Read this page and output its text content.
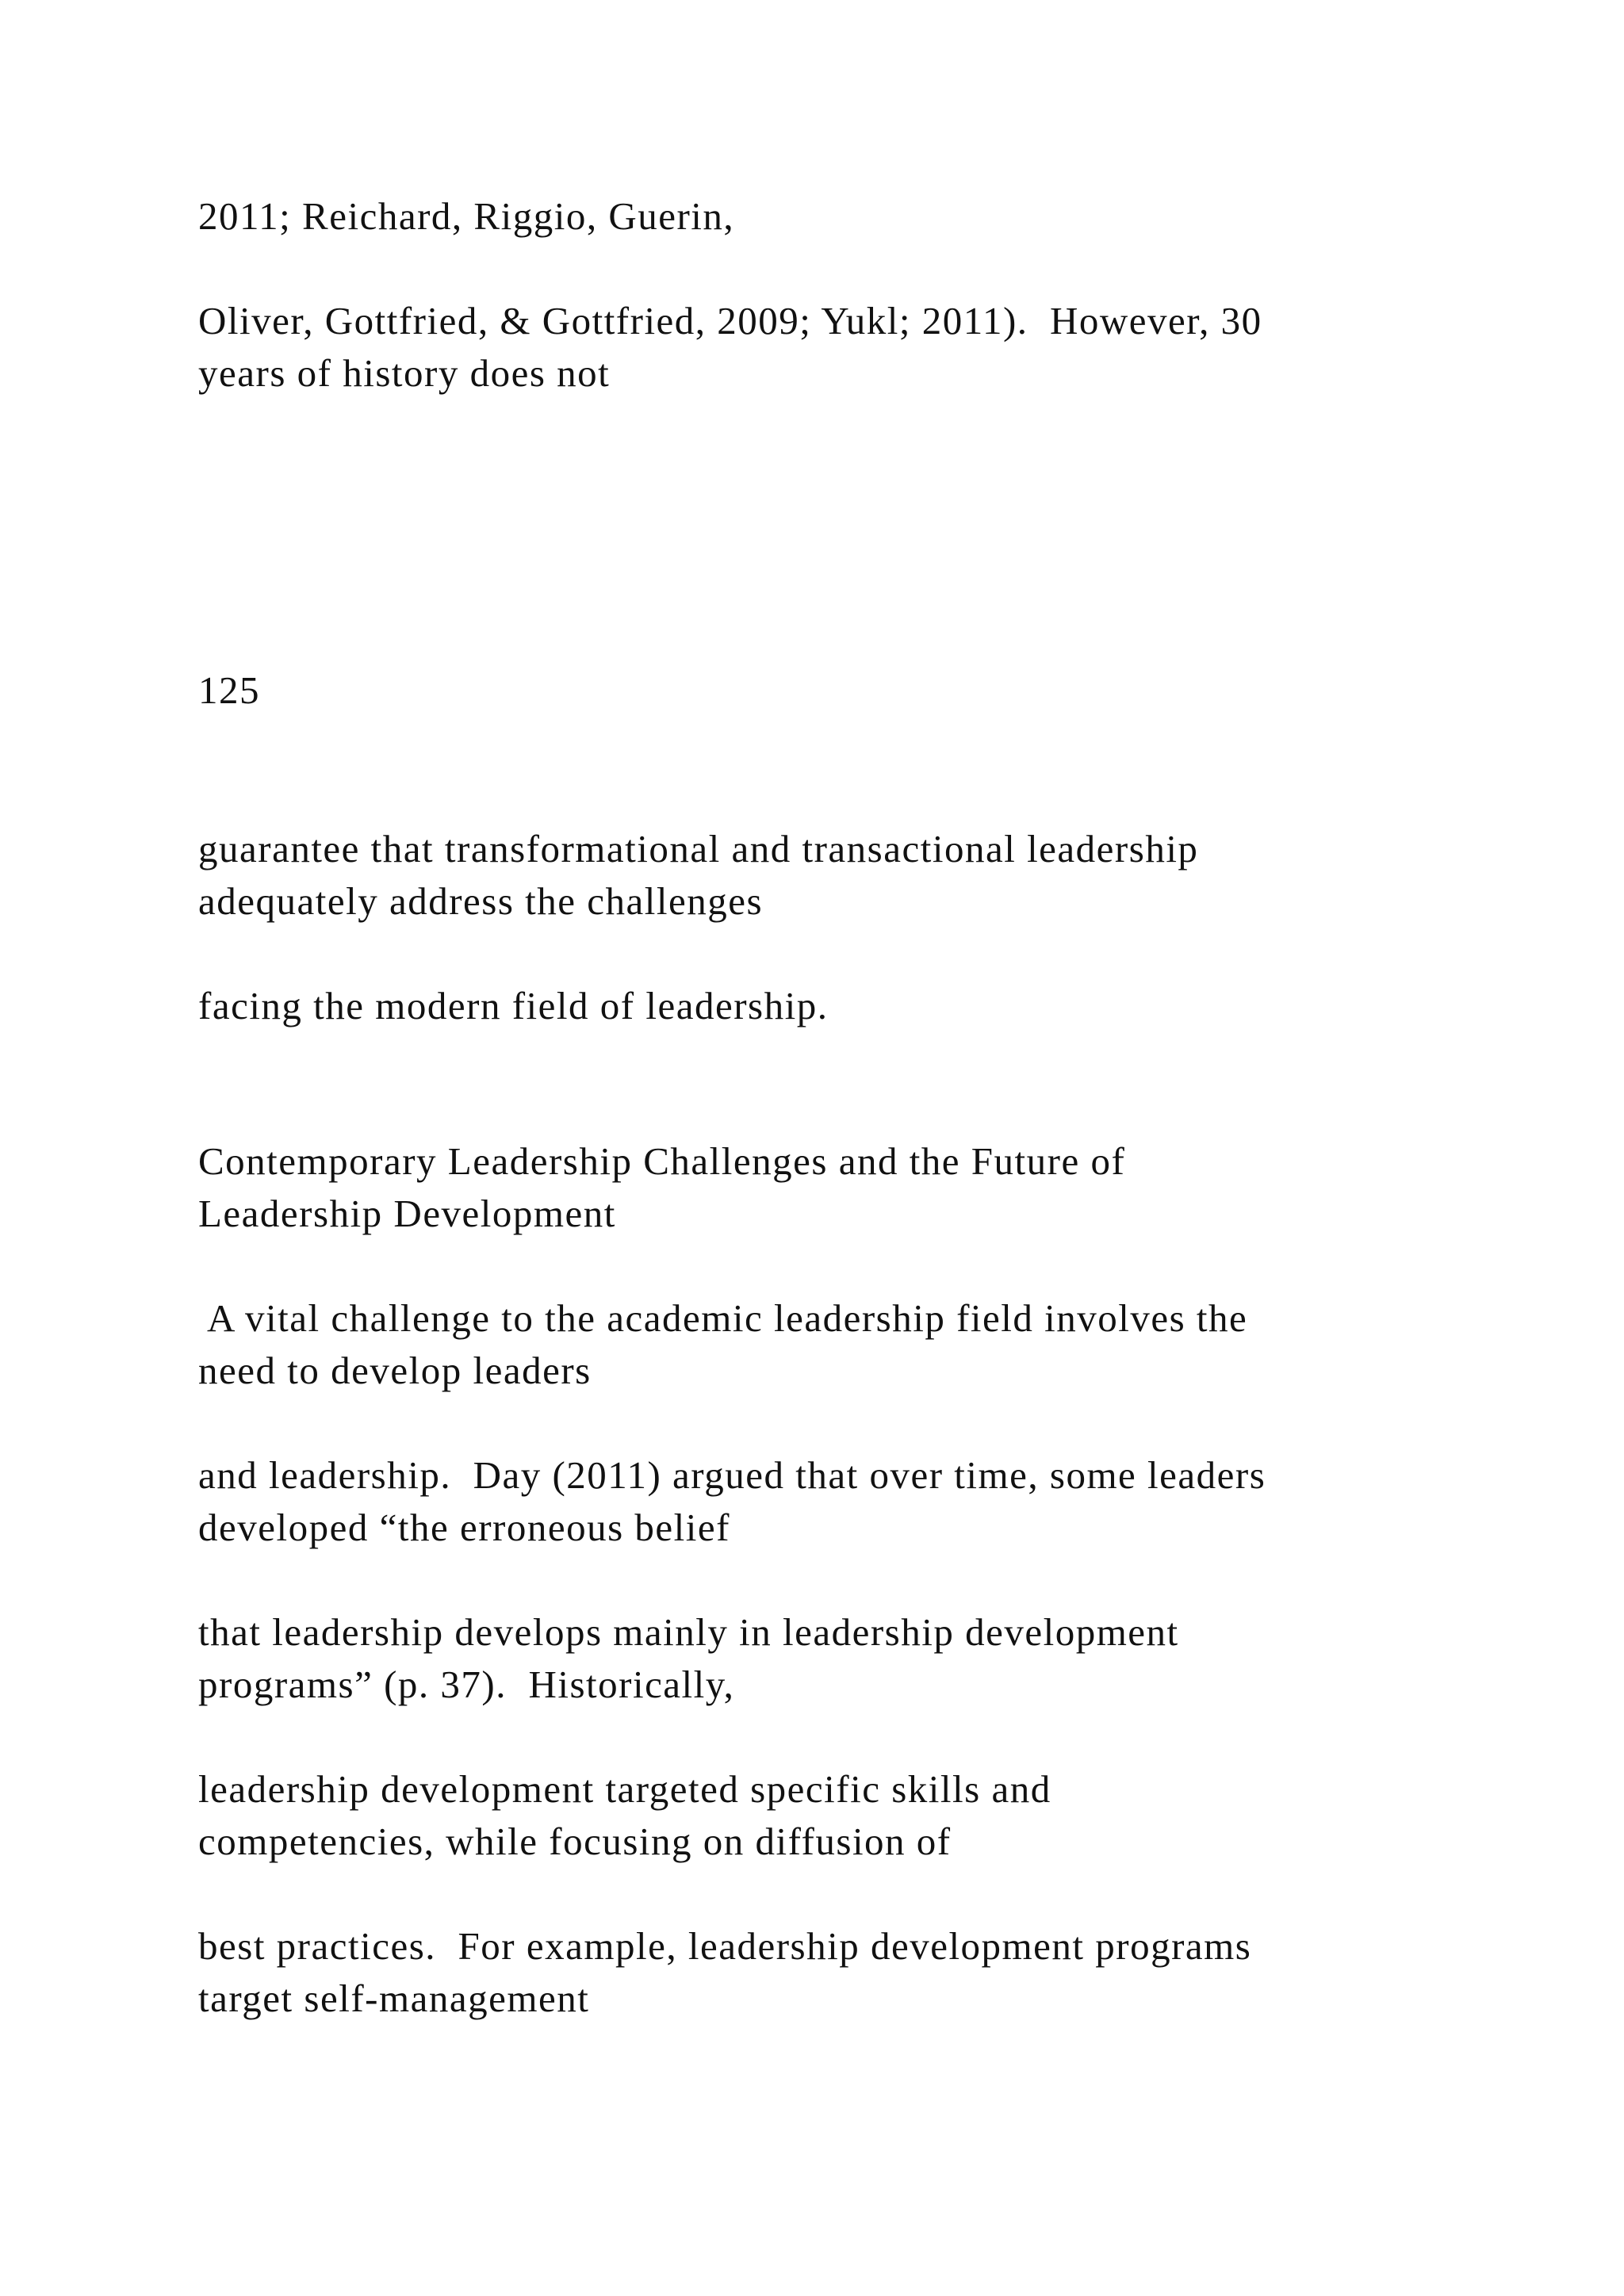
2011; Reichard, Riggio, Guerin,

Oliver, Gottfried, & Gottfried, 2009; Yukl; 2011).  However, 30
years of history does not

125

guarantee that transformational and transactional leadership
adequately address the challenges

facing the modern field of leadership.

Contemporary Leadership Challenges and the Future of
Leadership Development

A vital challenge to the academic leadership field involves the
need to develop leaders

and leadership.  Day (2011) argued that over time, some leaders
developed “the erroneous belief

that leadership develops mainly in leadership development
programs” (p. 37).  Historically,

leadership development targeted specific skills and
competencies, while focusing on diffusion of

best practices.  For example, leadership development programs
target self-management
